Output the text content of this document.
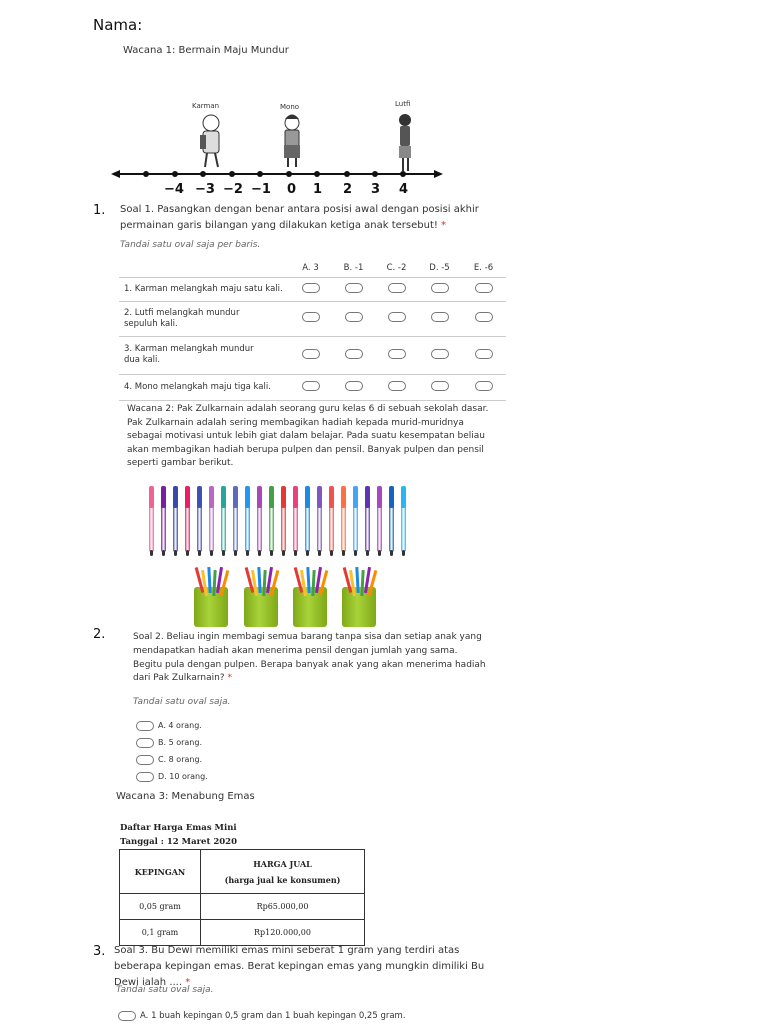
Nama:
Wacana 1: Bermain Maju Mundur
Karman	Mono	Lutfi
−4 −3 −2 −1 0 1 2 3 4
1. Soal 1. Pasangkan dengan benar antara posisi awal dengan posisi akhir permainan garis bilangan yang dilakukan ketiga anak tersebut! *
Tandai satu oval saja per baris.
	A. 3	B. -1	C. -2	D. -5	E. -6
1. Karman melangkah maju satu kali.					
2. Lutfi melangkah mundur sepuluh kali.					
3. Karman melangkah mundur dua kali.					
4. Mono melangkah maju tiga kali.					
Wacana 2: Pak Zulkarnain adalah seorang guru kelas 6 di sebuah sekolah dasar. Pak Zulkarnain adalah sering membagikan hadiah kepada murid-muridnya sebagai motivasi untuk lebih giat dalam belajar. Pada suatu kesempatan beliau akan membagikan hadiah berupa pulpen dan pensil. Banyak pulpen dan pensil seperti gambar berikut.
2.	Soal 2. Beliau ingin membagi semua barang tanpa sisa dan setiap anak yang mendapatkan hadiah akan menerima pensil dengan jumlah yang sama. Begitu pula dengan pulpen. Berapa banyak anak yang akan menerima hadiah dari Pak Zulkarnain? *
Tandai satu oval saja.
A. 4 orang.
B. 5 orang.
C. 8 orang.
D. 10 orang.
Wacana 3: Menabung Emas
Daftar Harga Emas Mini
Tanggal : 12 Maret 2020
KEPINGAN	HARGA JUAL
(harga jual ke konsumen)

0,05 gram	Rp65.000,00
0,1 gram	Rp120.000,00
3. Soal 3. Bu Dewi memiliki emas mini seberat 1 gram yang terdiri atas beberapa kepingan emas. Berat kepingan emas yang mungkin dimiliki Bu Dewi ialah .... *
Tandai satu oval saja.
A. 1 buah kepingan 0,5 gram dan 1 buah kepingan 0,25 gram.
